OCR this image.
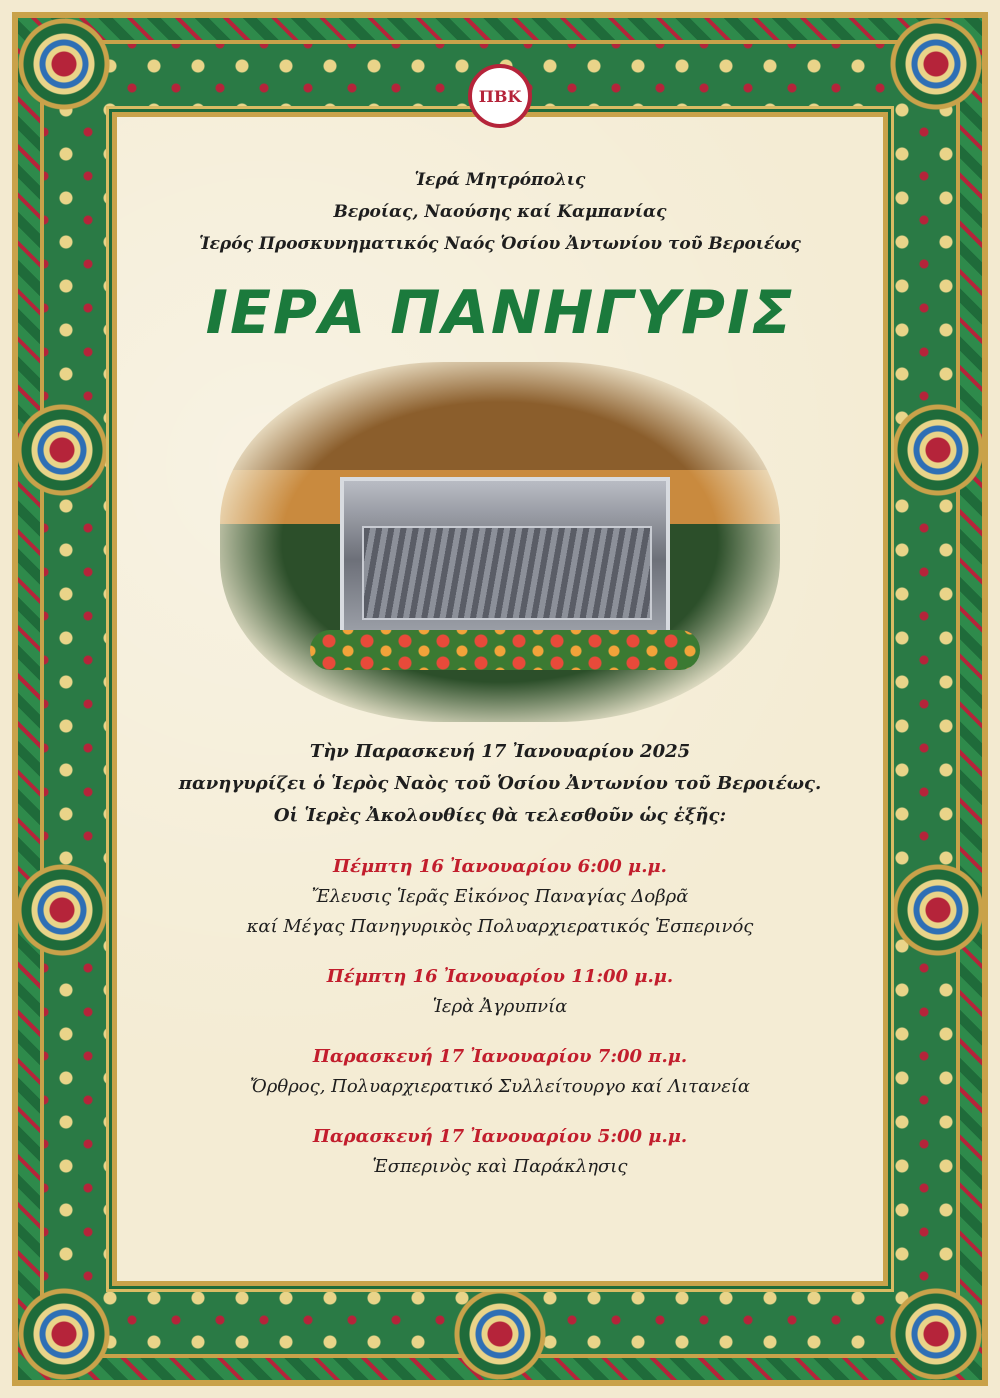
ΠΒΚ
Ἱερά Μητρόπολις
Βεροίας, Ναούσης καί Καμπανίας
Ἱερός Προσκυνηματικός Ναός Ὁσίου Ἀντωνίου τοῦ Βεροιέως
ΙΕΡΑ ΠΑΝΗΓΥΡΙΣ
Τὴν Παρασκευή 17 Ἰανουαρίου 2025
πανηγυρίζει ὁ Ἱερὸς Ναὸς τοῦ Ὁσίου Ἀντωνίου τοῦ Βεροιέως.
Οἱ Ἱερὲς Ἀκολουθίες θὰ τελεσθοῦν ὡς ἑξῆς:
Πέμπτη 16 Ἰανουαρίου 6:00 μ.μ.
Ἔλευσις Ἱερᾶς Εἰκόνος Παναγίας Δοβρᾶ
καί Μέγας Πανηγυρικὸς Πολυαρχιερατικός Ἑσπερινός
Πέμπτη 16 Ἰανουαρίου 11:00 μ.μ.
Ἱερὰ Ἀγρυπνία
Παρασκευή 17 Ἰανουαρίου 7:00 π.μ.
Ὄρθρος, Πολυαρχιερατικό Συλλείτουργο καί Λιτανεία
Παρασκευή 17 Ἰανουαρίου 5:00 μ.μ.
Ἑσπερινὸς καὶ Παράκλησις
